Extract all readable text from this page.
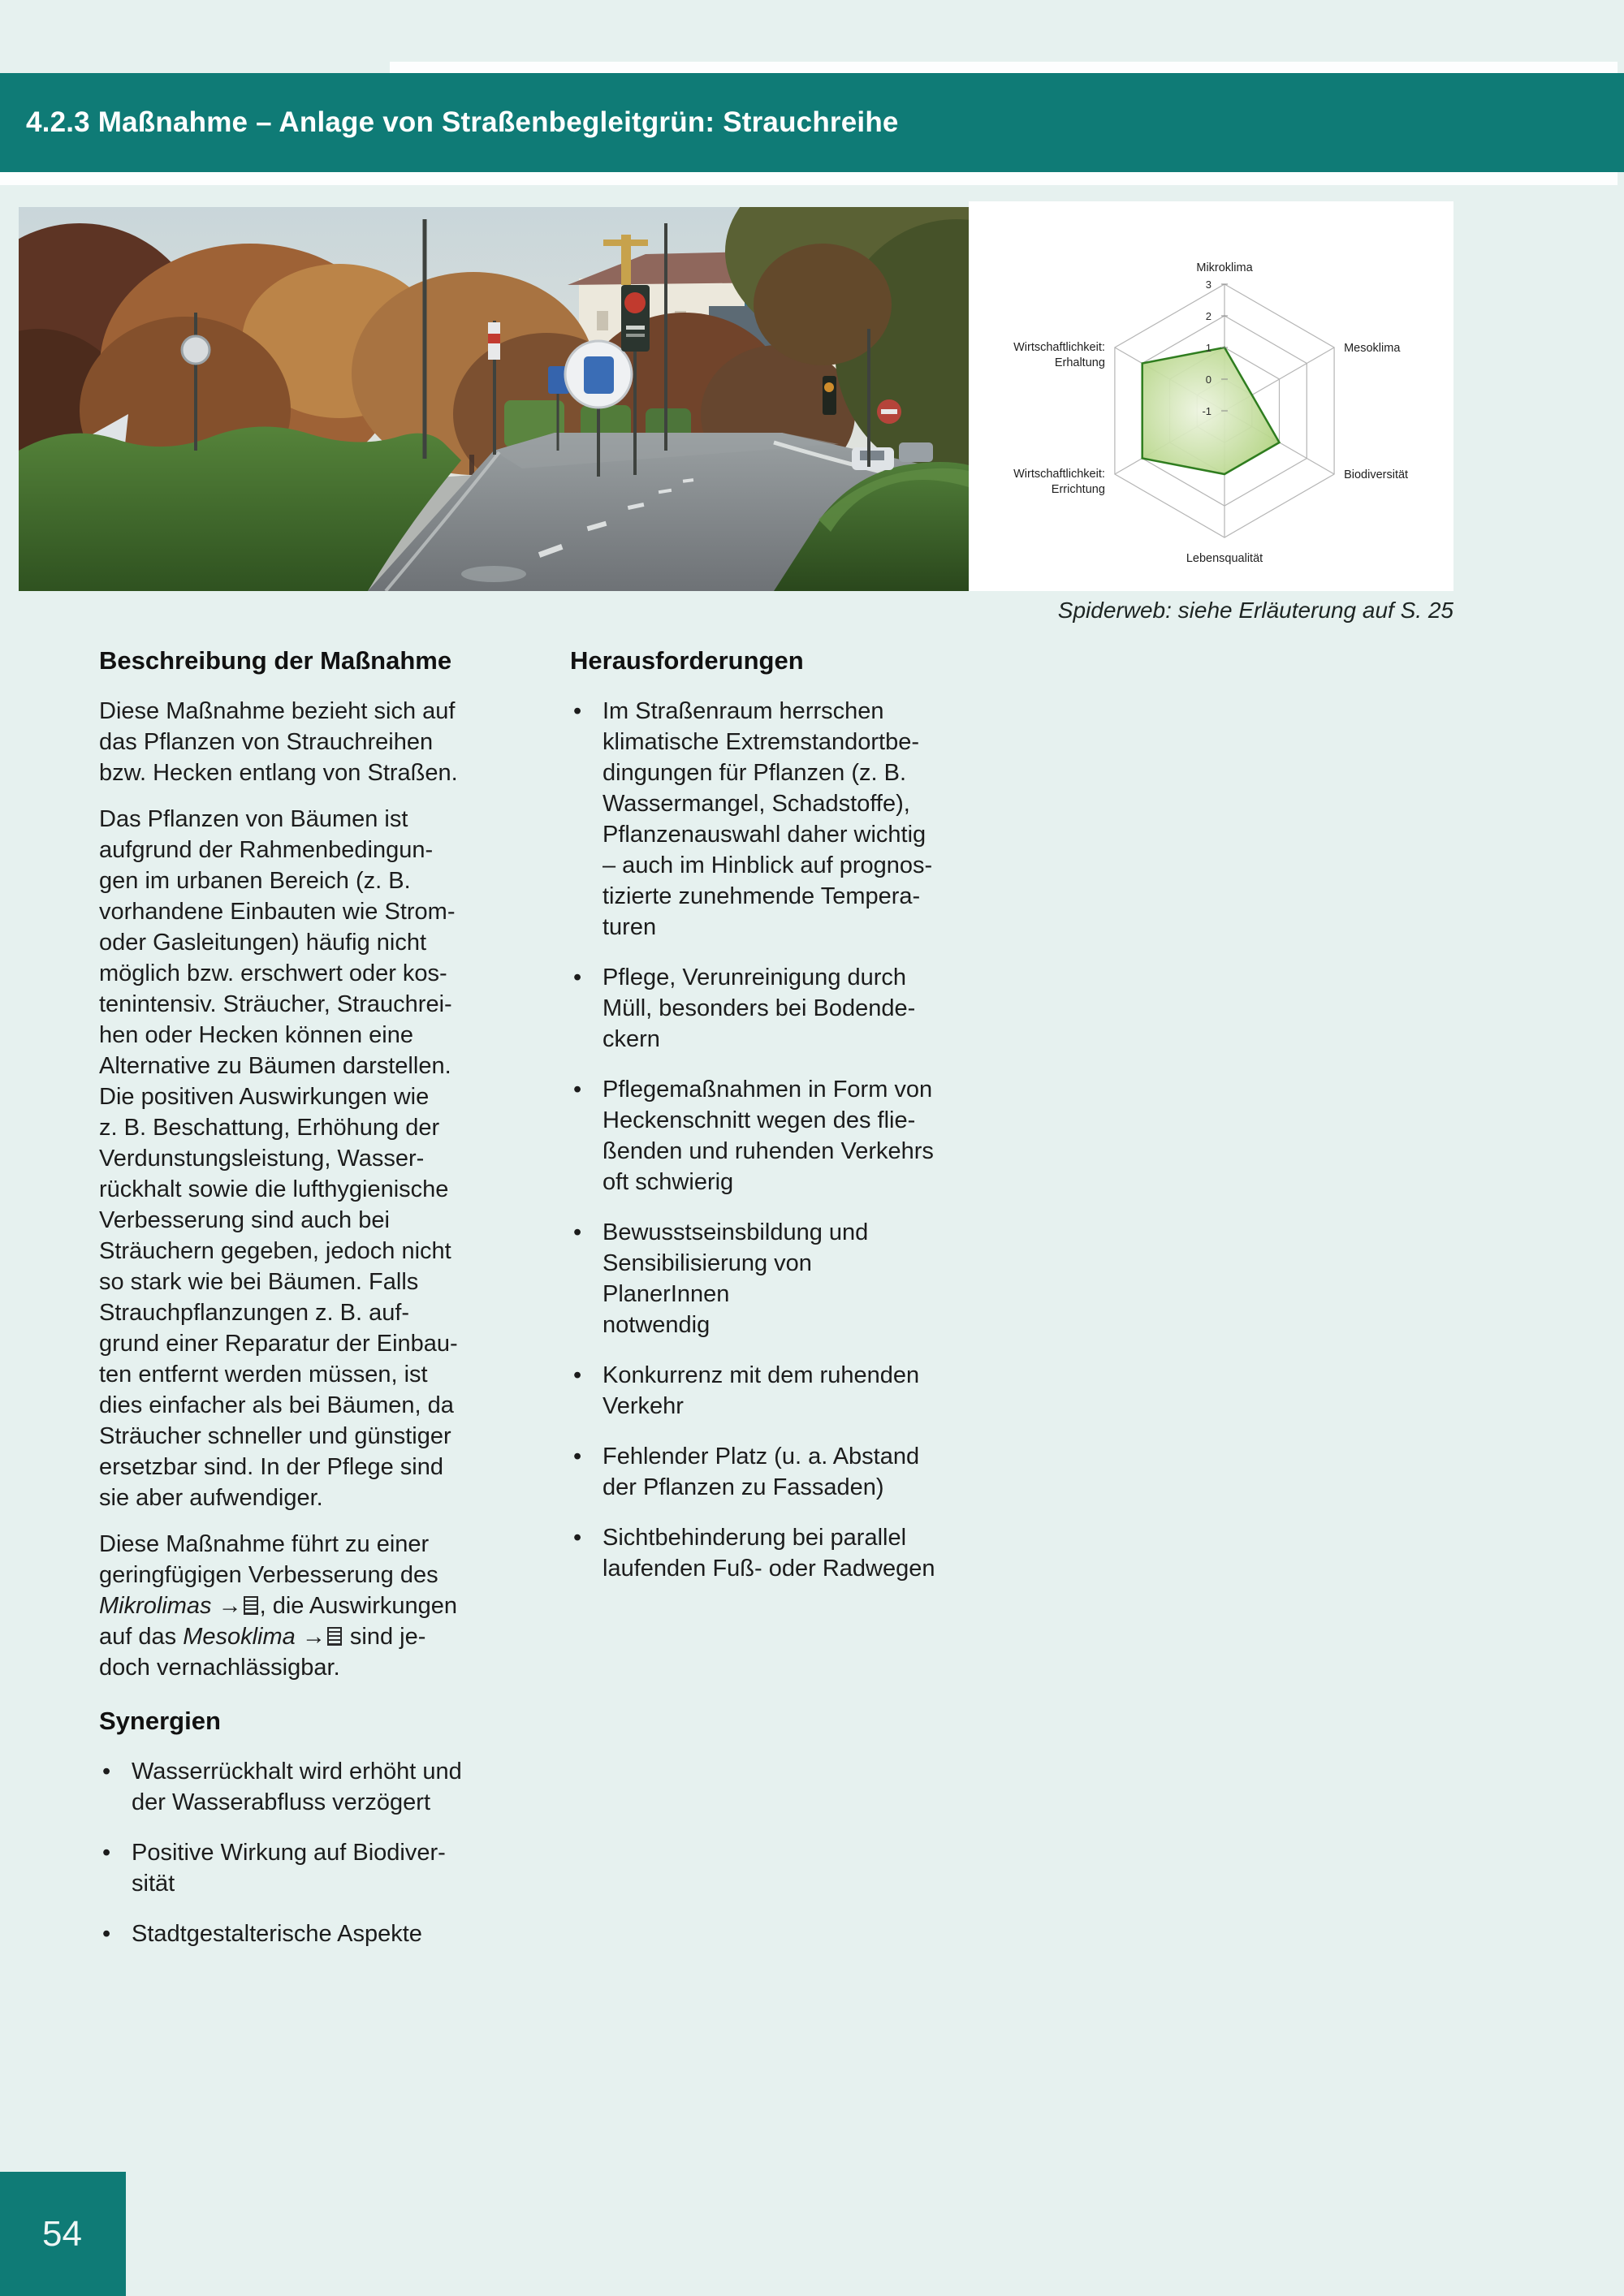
4.2.3 Maßnahme – Anlage von Straßenbegleitgrün: Strauchreihe
3
2
1
0
-1
Mikroklima
Mesoklima
Biodiversität
Lebensqualität
Wirtschaftlichkeit: Errichtung
Wirtschaftlichkeit: Erhaltung
Spiderweb: siehe Erläuterung auf S. 25
Beschreibung der Maßnahme

Diese Maßnahme bezieht sich auf
das Pflanzen von Strauchreihen
bzw. Hecken entlang von Straßen.

Das Pflanzen von Bäumen ist
aufgrund der Rahmenbedingun-
gen im urbanen Bereich (z. B.
vorhandene Einbauten wie Strom-
oder Gasleitungen) häufig nicht
möglich bzw. erschwert oder kos-
tenintensiv. Sträucher, Strauchrei-
hen oder Hecken können eine
Alternative zu Bäumen darstellen.
Die positiven Auswirkungen wie
z. B. Beschattung, Erhöhung der
Verdunstungsleistung, Wasser-
rückhalt sowie die lufthygienische
Verbesserung sind auch bei
Sträuchern gegeben, jedoch nicht
so stark wie bei Bäumen. Falls
Strauchpflanzungen z. B. auf-
grund einer Reparatur der Einbau-
ten entfernt werden müssen, ist
dies einfacher als bei Bäumen, da
Sträucher schneller und günstiger
ersetzbar sind. In der Pflege sind
sie aber aufwendiger.

Diese Maßnahme führt zu einer
geringfügigen Verbesserung des
Mikrolimas → , die Auswirkungen
auf das Mesoklima → sind je-
doch vernachlässigbar.

Synergien
• Wasserrückhalt wird erhöht und
der Wasserabfluss verzögert
• Positive Wirkung auf Biodiver-
sität
• Stadtgestalterische Aspekte
Herausforderungen
• Im Straßenraum herrschen
klimatische Extremstandortbe-
dingungen für Pflanzen (z. B.
Wassermangel, Schadstoffe),
Pflanzenauswahl daher wichtig
– auch im Hinblick auf prognos-
tizierte zunehmende Tempera-
turen
• Pflege, Verunreinigung durch
Müll, besonders bei Bodende-
ckern
• Pflegemaßnahmen in Form von
Heckenschnitt wegen des flie-
ßenden und ruhenden Verkehrs
oft schwierig
• Bewusstseinsbildung und
Sensibilisierung von PlanerInnen
notwendig
• Konkurrenz mit dem ruhenden
Verkehr
• Fehlender Platz (u. a. Abstand
der Pflanzen zu Fassaden)
• Sichtbehinderung bei parallel
laufenden Fuß- oder Radwegen
54
